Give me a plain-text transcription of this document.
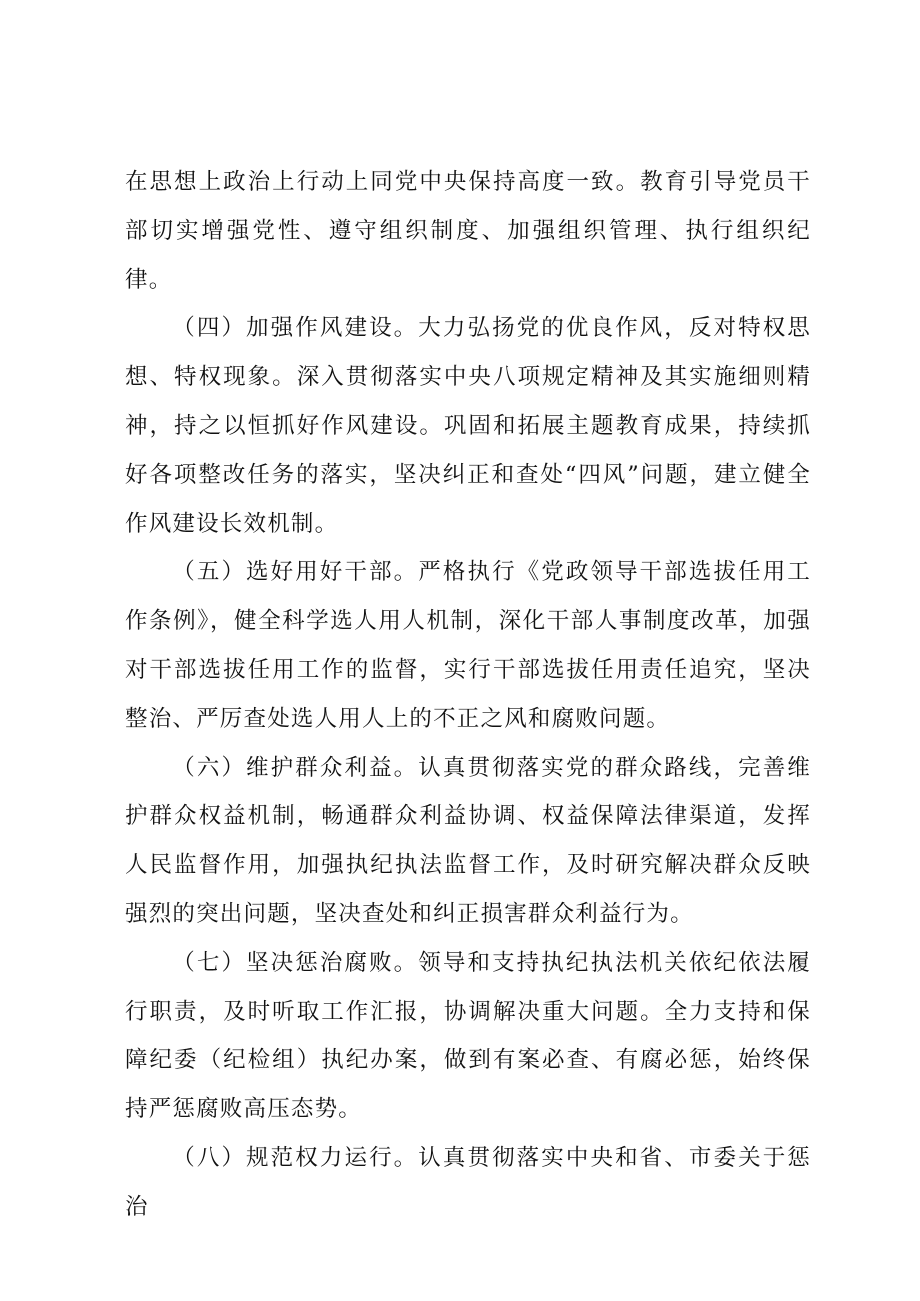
在思想上政治上行动上同党中央保持高度一致。教育引导党员干部切实增强党性、遵守组织制度、加强组织管理、执行组织纪律。

（四）加强作风建设。大力弘扬党的优良作风，反对特权思想、特权现象。深入贯彻落实中央八项规定精神及其实施细则精神，持之以恒抓好作风建设。巩固和拓展主题教育成果，持续抓好各项整改任务的落实，坚决纠正和查处“四风”问题，建立健全作风建设长效机制。

（五）选好用好干部。严格执行《党政领导干部选拔任用工作条例》，健全科学选人用人机制，深化干部人事制度改革，加强对干部选拔任用工作的监督，实行干部选拔任用责任追究，坚决整治、严厉查处选人用人上的不正之风和腐败问题。

（六）维护群众利益。认真贯彻落实党的群众路线，完善维护群众权益机制，畅通群众利益协调、权益保障法律渠道，发挥人民监督作用，加强执纪执法监督工作，及时研究解决群众反映强烈的突出问题，坚决查处和纠正损害群众利益行为。

（七）坚决惩治腐败。领导和支持执纪执法机关依纪依法履行职责，及时听取工作汇报，协调解决重大问题。全力支持和保障纪委（纪检组）执纪办案，做到有案必查、有腐必惩，始终保持严惩腐败高压态势。

（八）规范权力运行。认真贯彻落实中央和省、市委关于惩治
